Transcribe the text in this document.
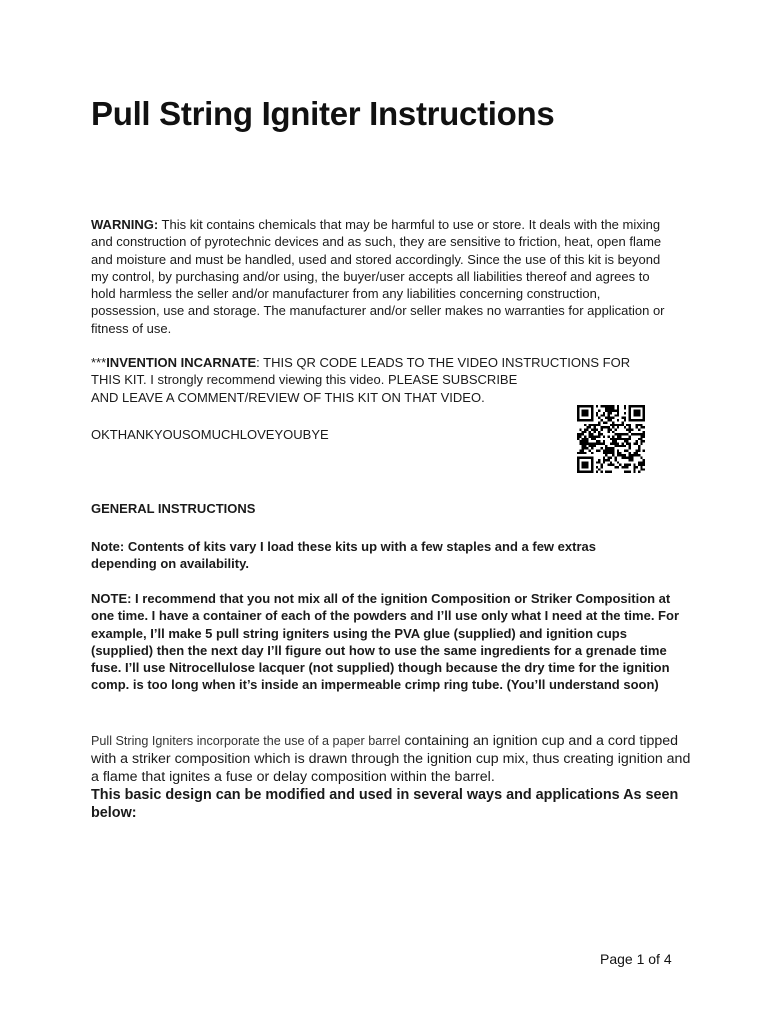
Pull String Igniter Instructions

WARNING: This kit contains chemicals that may be harmful to use or store. It deals with the mixing and construction of pyrotechnic devices and as such, they are sensitive to friction, heat, open flame and moisture and must be handled, used and stored accordingly. Since the use of this kit is beyond my control, by purchasing and/or using, the buyer/user accepts all liabilities thereof and agrees to hold harmless the seller and/or manufacturer from any liabilities concerning construction, possession, use and storage. The manufacturer and/or seller makes no warranties for application or fitness of use.

***INVENTION INCARNATE: THIS QR CODE LEADS TO THE VIDEO INSTRUCTIONS FOR
THIS KIT. I strongly recommend viewing this video. PLEASE SUBSCRIBE
AND LEAVE A COMMENT/REVIEW OF THIS KIT ON THAT VIDEO.

OKTHANKYOUSOMUCHLOVEYOUBYE

GENERAL INSTRUCTIONS

Note: Contents of kits vary I load these kits up with a few staples and a few extras depending on availability.

NOTE: I recommend that you not mix all of the ignition Composition or Striker Composition at one time. I have a container of each of the powders and I’ll use only what I need at the time. For example, I’ll make 5 pull string igniters using the PVA glue (supplied) and ignition cups (supplied) then the next day I’ll figure out how to use the same ingredients for a grenade time fuse. I’ll use Nitrocellulose lacquer (not supplied) though because the dry time for the ignition comp. is too long when it’s inside an impermeable crimp ring tube. (You’ll understand soon)

Pull String Igniters incorporate the use of a paper barrel containing an ignition cup and a cord tipped with a striker composition which is drawn through the ignition cup mix, thus creating ignition and a flame that ignites a fuse or delay composition within the barrel.
This basic design can be modified and used in several ways and applications As seen below:

Page 1 of 4
